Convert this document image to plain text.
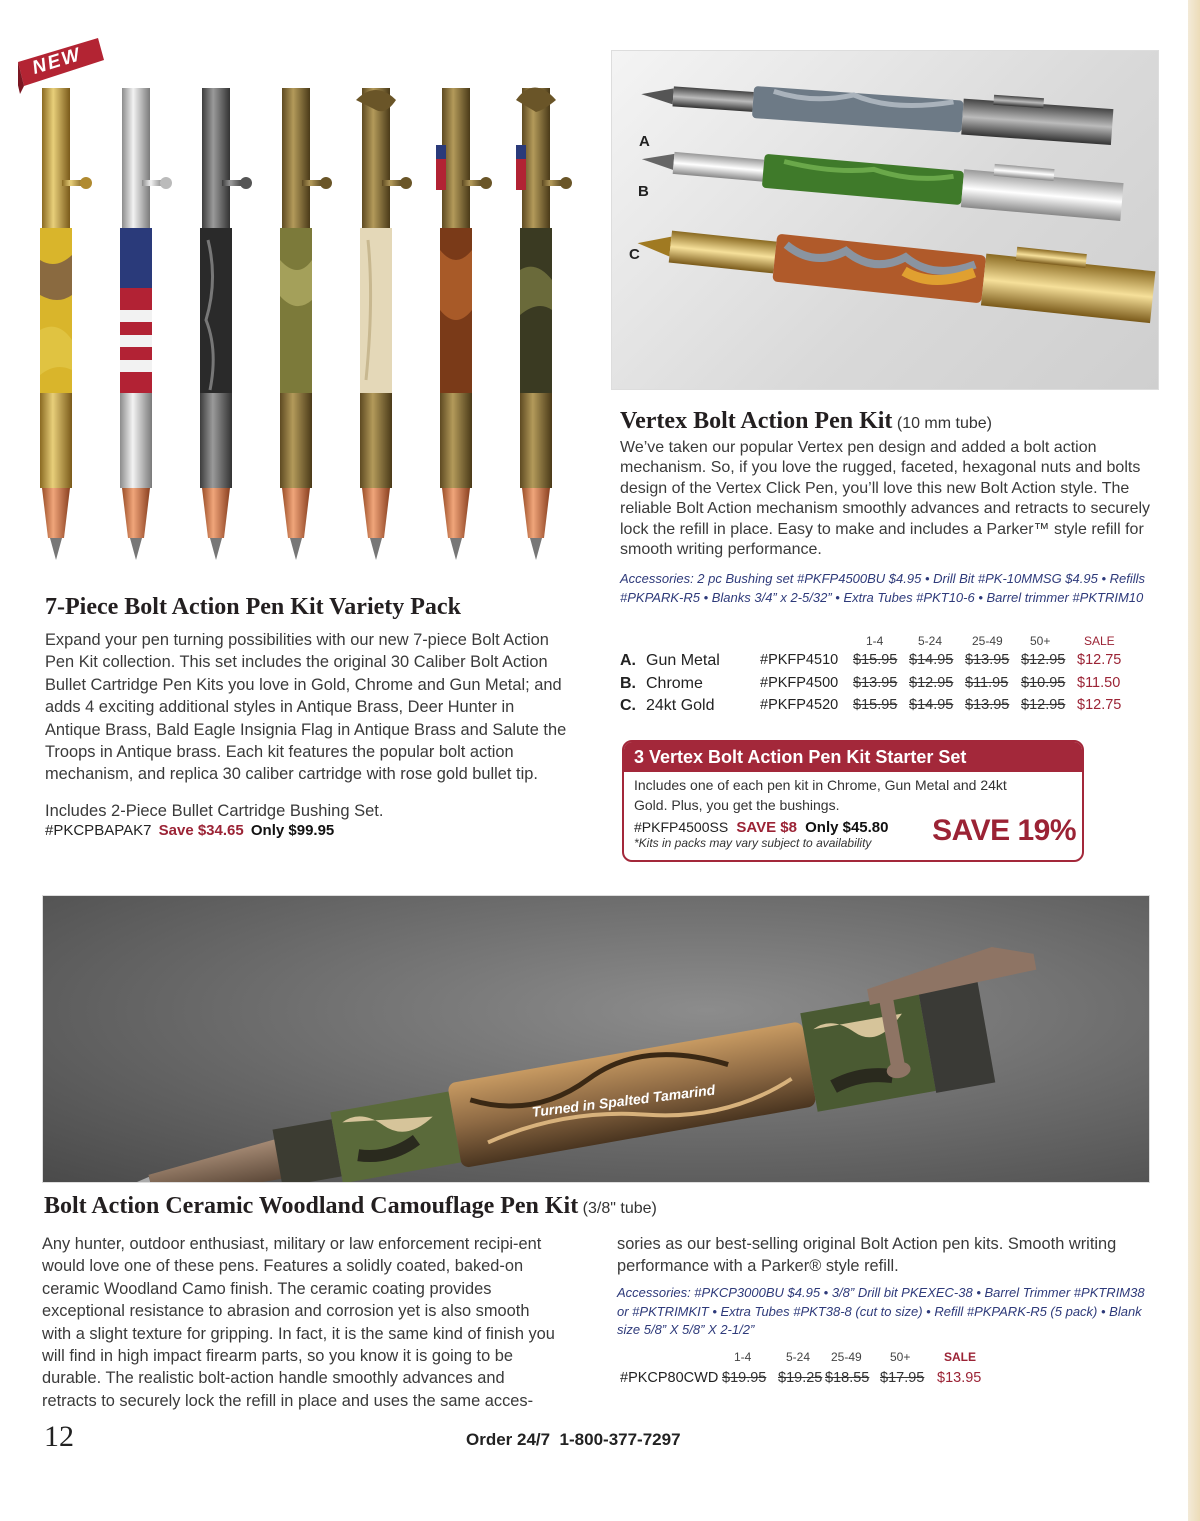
NEW
A
B
C
Vertex Bolt Action Pen Kit (10 mm tube)
We’ve taken our popular Vertex pen design and added a bolt action mechanism. So, if you love the rugged, faceted, hexagonal nuts and bolts design of the Vertex Click Pen, you’ll love this new Bolt Action style. The reliable Bolt Action mechanism smoothly advances and retracts to securely lock the refill in place. Easy to make and includes a Parker™ style refill for smooth writing performance.
Accessories: 2 pc Bushing set #PKFP4500BU $4.95 • Drill Bit #PK-10MMSG $4.95 • Refills #PKPARK-R5 • Blanks 3/4” x 2-5/32” • Extra Tubes #PKT10-6 • Barrel trimmer #PKTRIM10
1-4	5-24 25-49 50+	SALE
A. Gun Metal	#PKFP4510 $15.95 $14.95 $13.95 $12.95 $12.75
B. Chrome	#PKFP4500 $13.95 $12.95 $11.95 $10.95 $11.50
C. 24kt Gold	#PKFP4520 $15.95 $14.95 $13.95 $12.95 $12.75
3 Vertex Bolt Action Pen Kit Starter Set
Includes one of each pen kit in Chrome, Gun Metal and 24kt Gold. Plus, you get the bushings.
#PKFP4500SS SAVE $8 Only $45.80
*Kits in packs may vary subject to availability	SAVE 19%
7-Piece Bolt Action Pen Kit Variety Pack
Expand your pen turning possibilities with our new 7-piece Bolt Action Pen Kit collection. This set includes the original 30 Caliber Bolt Action Bullet Cartridge Pen Kits you love in Gold, Chrome and Gun Metal; and adds 4 exciting additional styles in Antique Brass, Deer Hunter in Antique Brass, Bald Eagle Insignia Flag in Antique Brass and Salute the Troops in Antique brass. Each kit features the popular bolt action mechanism, and replica 30 caliber cartridge with rose gold bullet tip.
Includes 2-Piece Bullet Cartridge Bushing Set.
#PKCPBAPAK7 Save $34.65 Only $99.95
Turned in Spalted Tamarind
Bolt Action Ceramic Woodland Camouflage Pen Kit (3/8" tube)
Any hunter, outdoor enthusiast, military or law enforcement recipi-ent would love one of these pens. Features a solidly coated, baked-on ceramic Woodland Camo finish. The ceramic coating provides exceptional resistance to abrasion and corrosion yet is also smooth with a slight texture for gripping. In fact, it is the same kind of finish you will find in high impact firearm parts, so you know it is going to be durable. The realistic bolt-action handle smoothly advances and retracts to securely lock the refill in place and uses the same acces-
sories as our best-selling original Bolt Action pen kits. Smooth writing performance with a Parker® style refill.
Accessories: #PKCP3000BU $4.95 • 3/8” Drill bit PKEXEC-38 • Barrel Trimmer #PKTRIM38 or #PKTRIMKIT • Extra Tubes #PKT38-8 (cut to size) • Refill #PKPARK-R5 (5 pack) • Blank size 5/8” X 5/8” X 2-1/2”
1-4	5-24 25-49 50+	SALE
#PKCP80CWD $19.95 $19.25 $18.55 $17.95 $13.95
12	Order 24/7  1-800-377-7297
